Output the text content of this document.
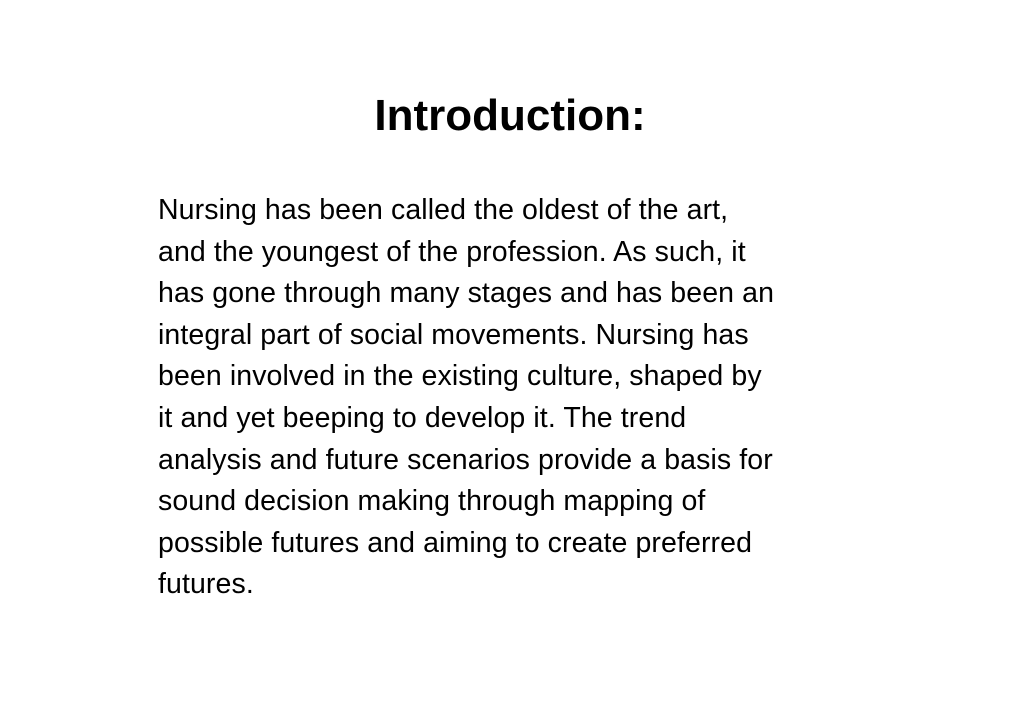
Introduction:
Nursing has been called the oldest of the art,
and the youngest of the profession. As such, it
has gone through many stages and has been an
integral part of social movements. Nursing has
been involved in the existing culture, shaped by
it and yet beeping to develop it. The trend
analysis and future scenarios provide a basis for
sound decision making through mapping of
possible futures and aiming to create preferred
futures.
